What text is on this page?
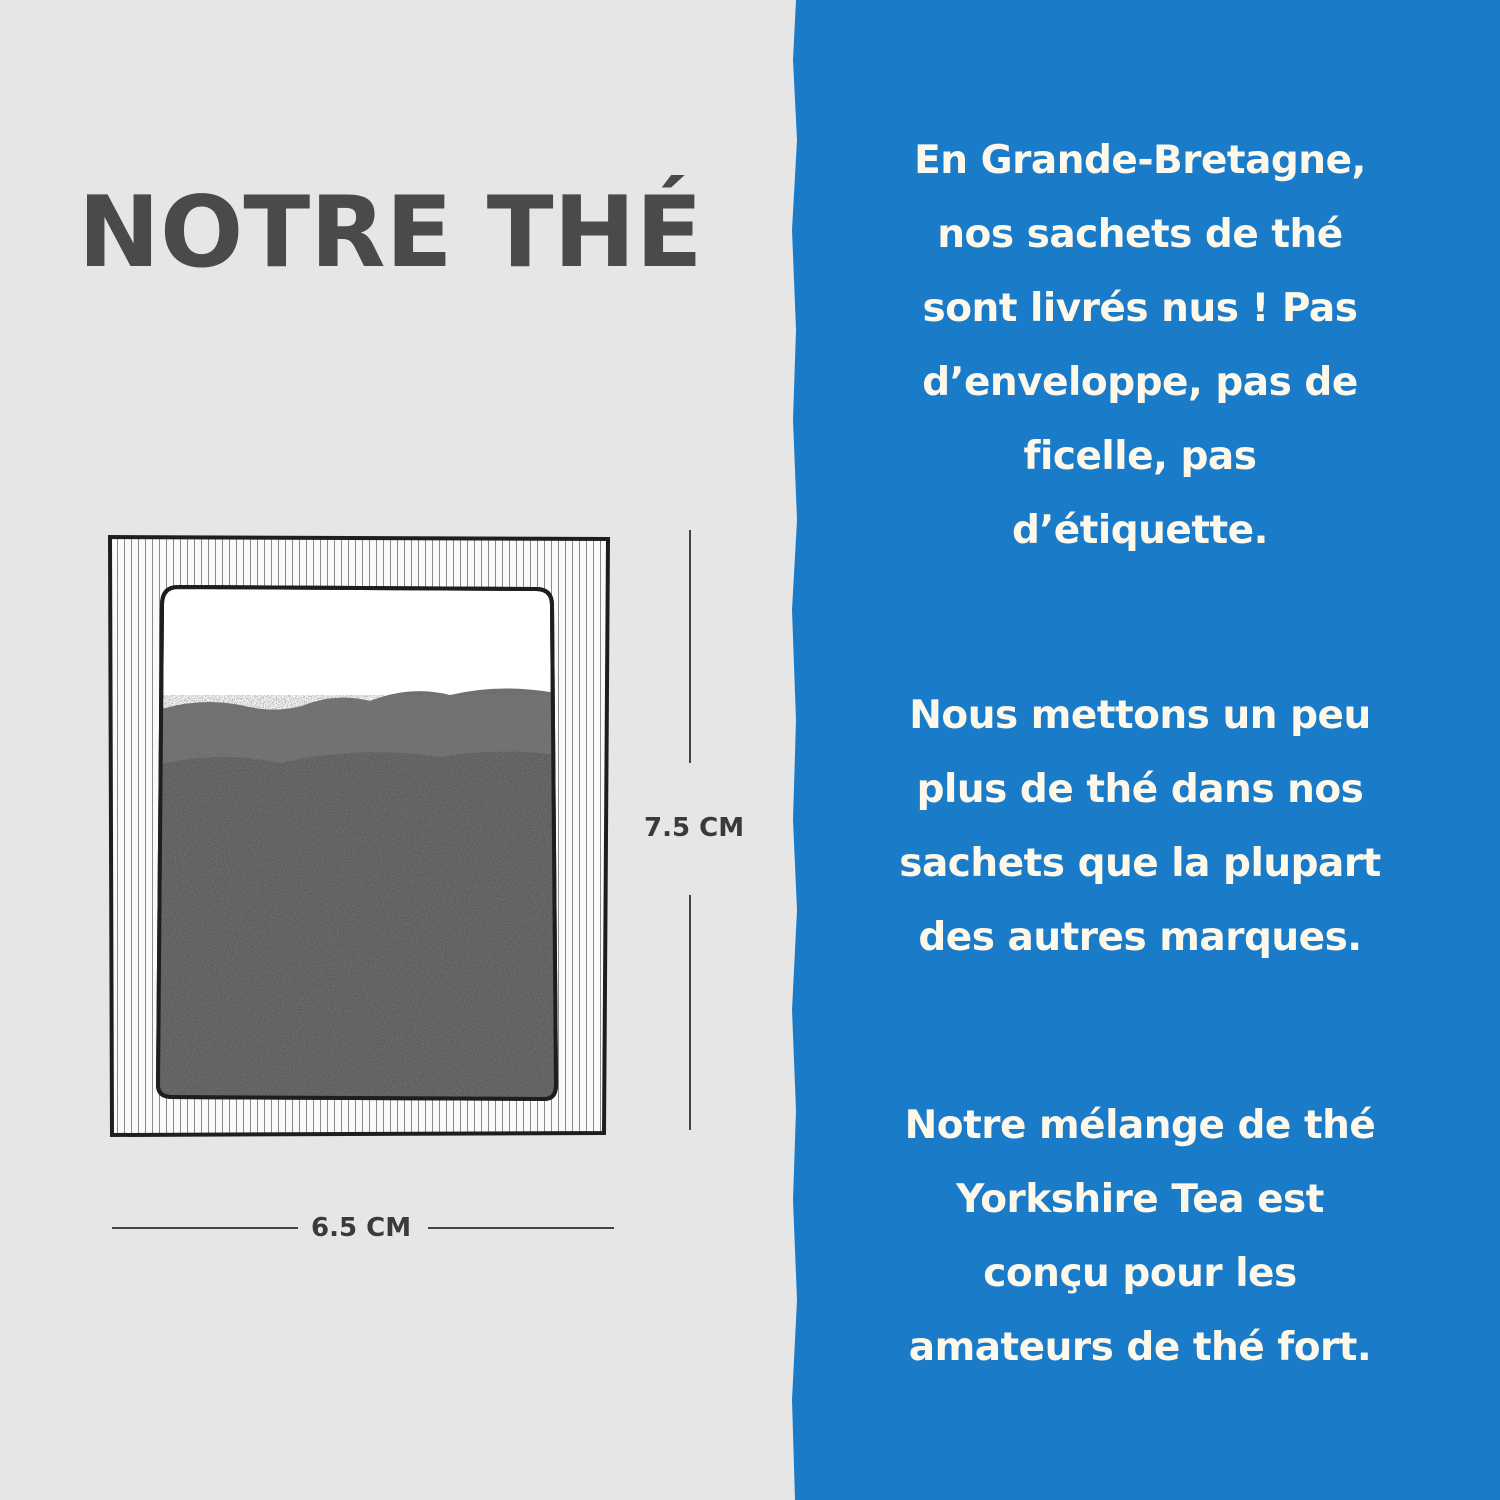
NOTRE THÉ
7.5 CM
6.5 CM

En Grande-Bretagne,
nos sachets de thé
sont livrés nus ! Pas
d’enveloppe, pas de
ficelle, pas
d’étiquette.

Nous mettons un peu
plus de thé dans nos
sachets que la plupart
des autres marques.

Notre mélange de thé
Yorkshire Tea est
conçu pour les
amateurs de thé fort.
